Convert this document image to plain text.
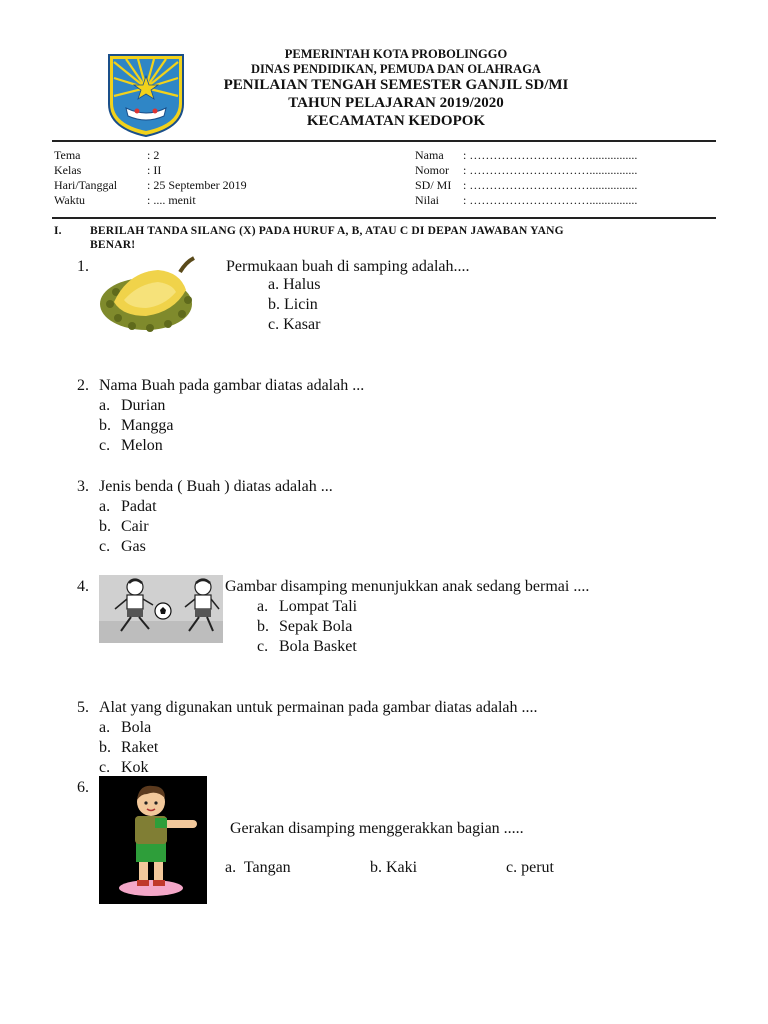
PEMERINTAH KOTA PROBOLINGGO
DINAS PENDIDIKAN, PEMUDA DAN OLAHRAGA
PENILAIAN TENGAH SEMESTER GANJIL SD/MI
TAHUN PELAJARAN 2019/2020
KECAMATAN KEDOPOK
Tema	: 2
Kelas	: II
Hari/Tanggal : 25 September 2019
Waktu	: .... menit
Nama : …………………………................
Nomor : …………………………................
SD/ MI : …………………………................
Nilai : …………………………................
I. BERILAH TANDA SILANG (X) PADA HURUF A, B, ATAU C DI DEPAN JAWABAN YANG
BENAR!
1.	Permukaan buah di samping adalah....
a. Halus
b. Licin
c. Kasar
2. Nama Buah pada gambar diatas adalah ...
a. Durian
b. Mangga
c. Melon
3. Jenis benda ( Buah ) diatas adalah ...
a. Padat
b. Cair
c. Gas
4.	Gambar disamping menunjukkan anak sedang bermai ....
a. Lompat Tali
b. Sepak Bola
c. Bola Basket
5. Alat yang digunakan untuk permainan pada gambar diatas adalah ....
a. Bola
b. Raket
c. Kok
6.
Gerakan disamping menggerakkan bagian .....
a.  Tangan	b. Kaki	c. perut
